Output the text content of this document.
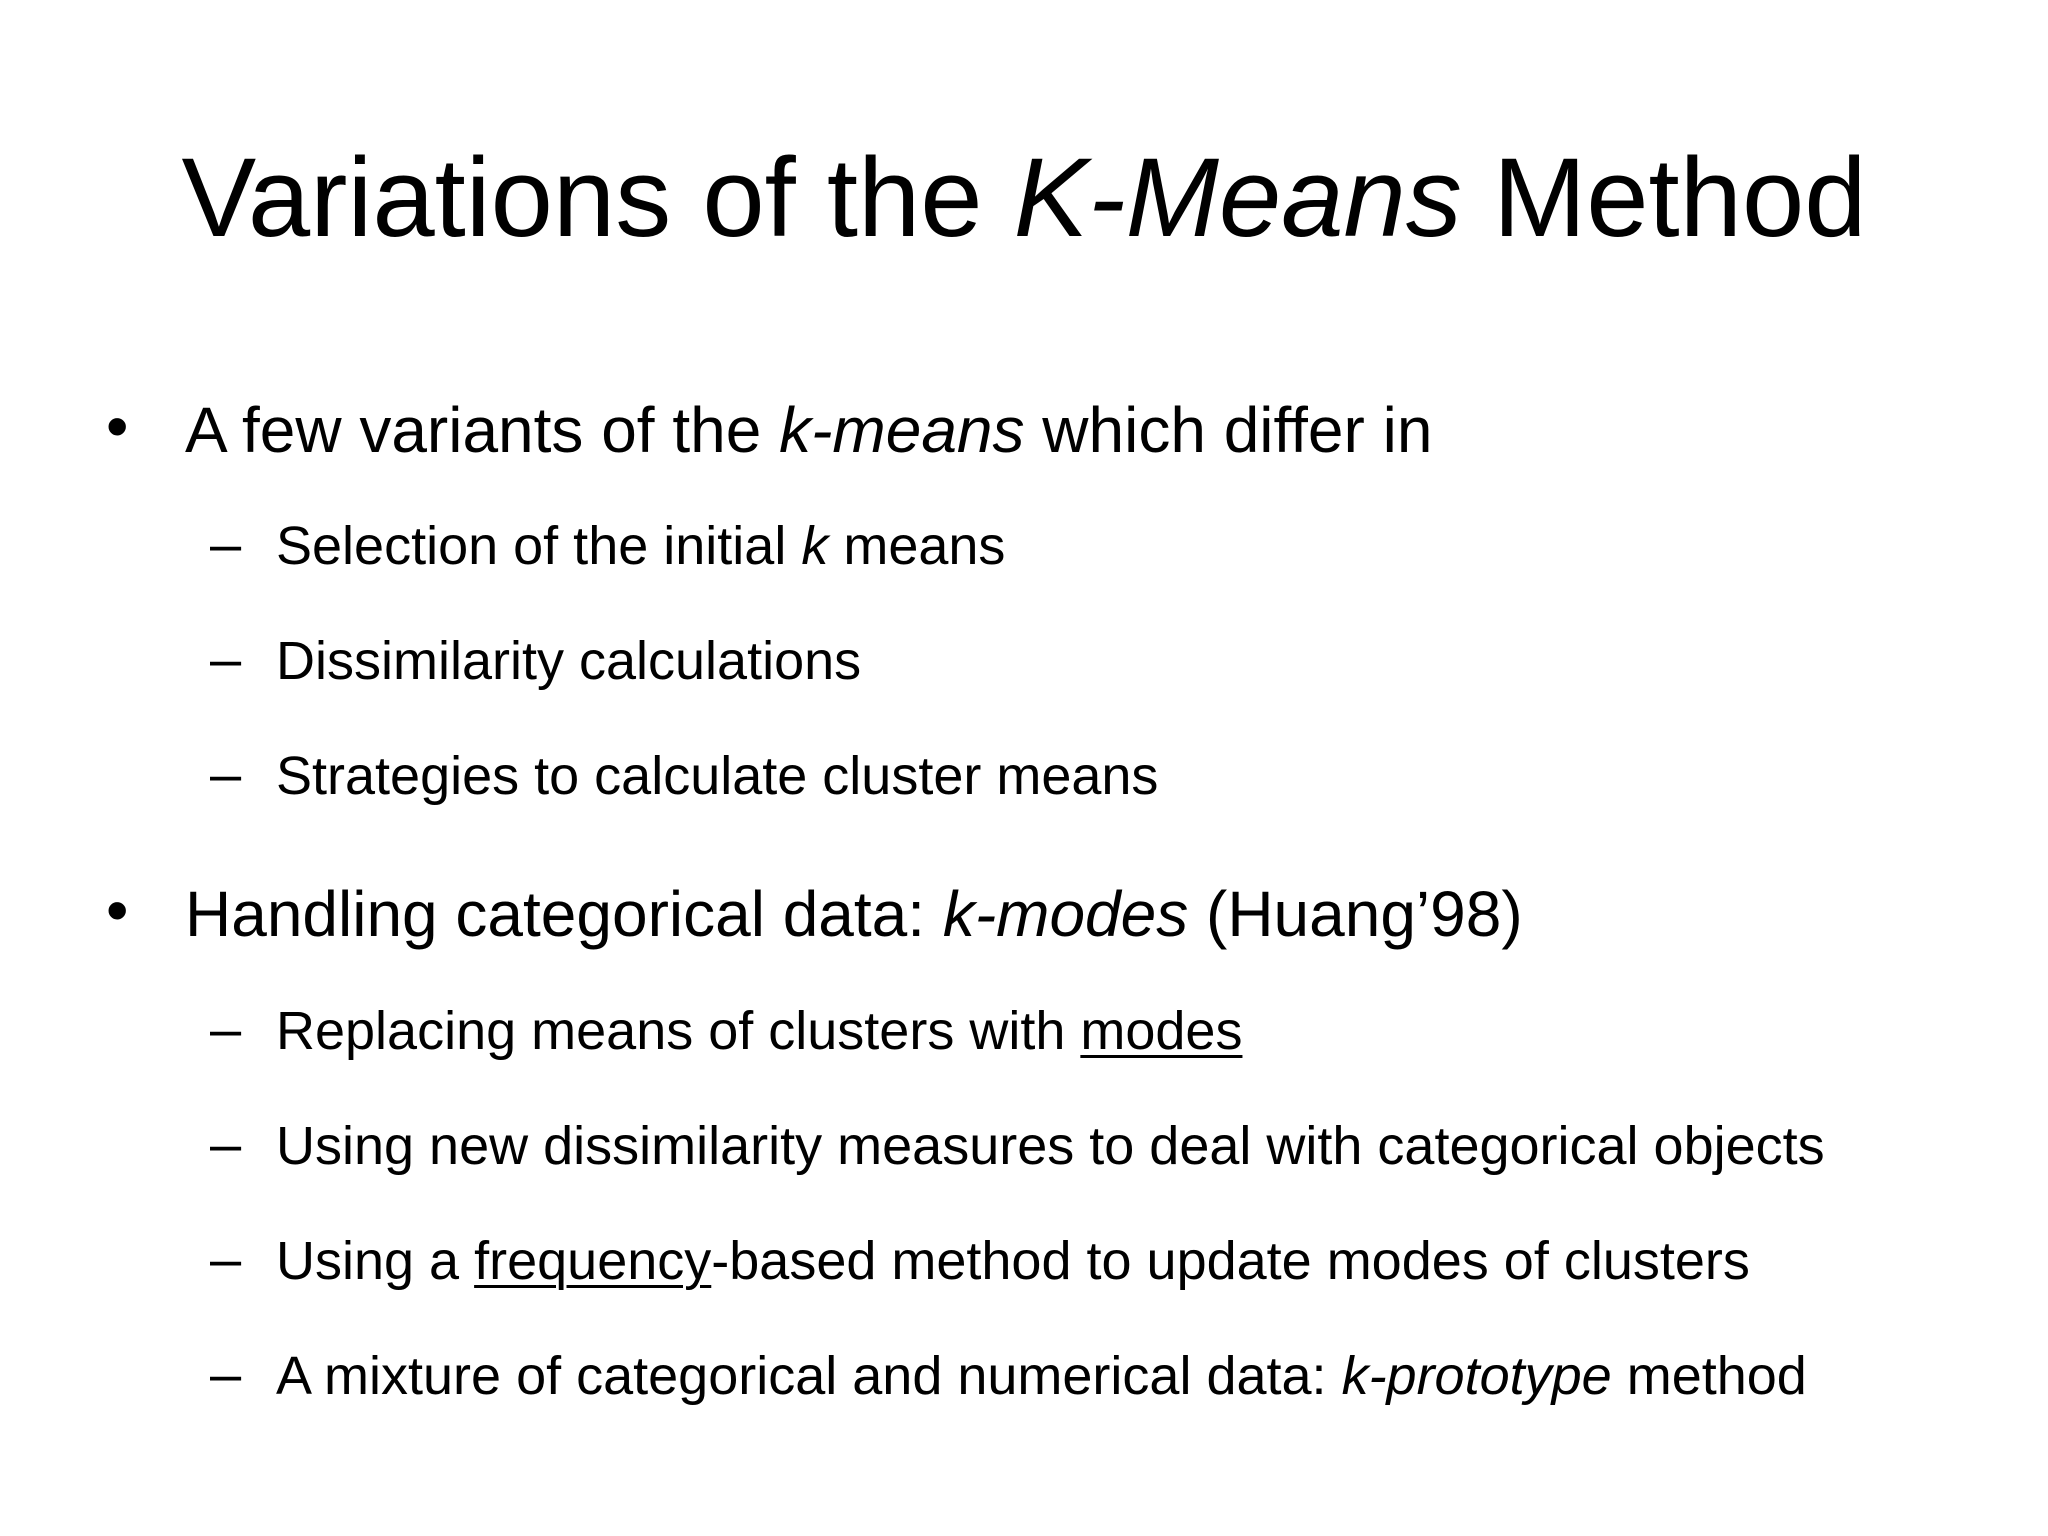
Variations of the K-Means Method
• A few variants of the k-means which differ in
– Selection of the initial k means
– Dissimilarity calculations
– Strategies to calculate cluster means
• Handling categorical data: k-modes (Huang’98)
– Replacing means of clusters with modes
– Using new dissimilarity measures to deal with categorical objects
– Using a frequency-based method to update modes of clusters
– A mixture of categorical and numerical data: k-prototype method
